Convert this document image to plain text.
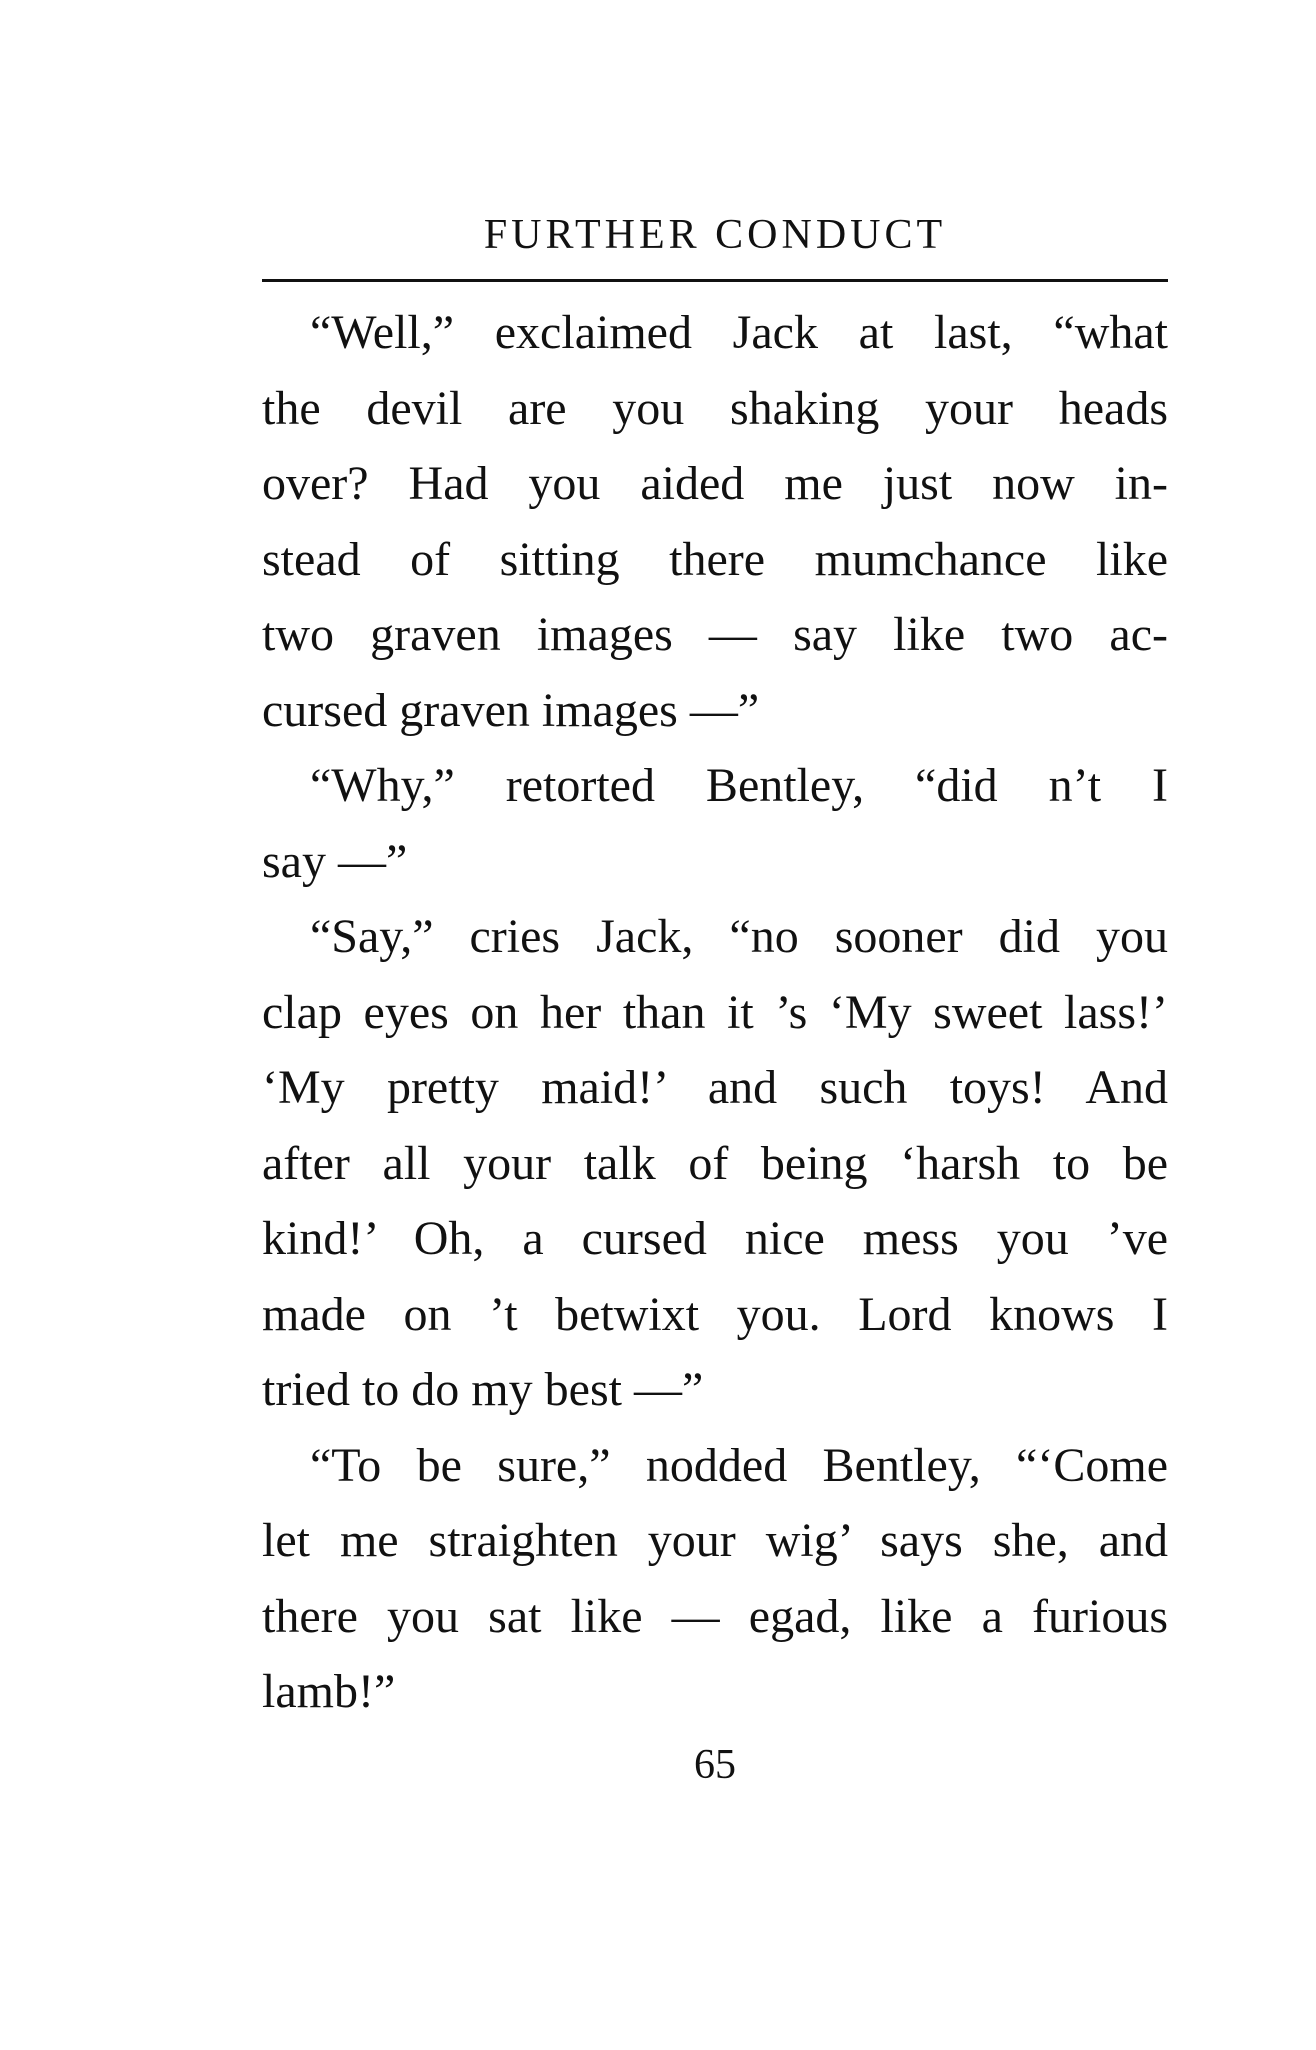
FURTHER CONDUCT
“Well,” exclaimed Jack at last, “what
the devil are you shaking your heads
over? Had you aided me just now in-
stead of sitting there mumchance like
two graven images — say like two ac-
cursed graven images —”
“Why,” retorted Bentley, “did n’t I
say —”
“Say,” cries Jack, “no sooner did you
clap eyes on her than it ’s ‘My sweet lass!’
‘My pretty maid!’ and such toys! And
after all your talk of being ‘harsh to be
kind!’ Oh, a cursed nice mess you ’ve
made on ’t betwixt you. Lord knows I
tried to do my best —”
“To be sure,” nodded Bentley, “‘Come
let me straighten your wig’ says she, and
there you sat like — egad, like a furious
lamb!”
65
